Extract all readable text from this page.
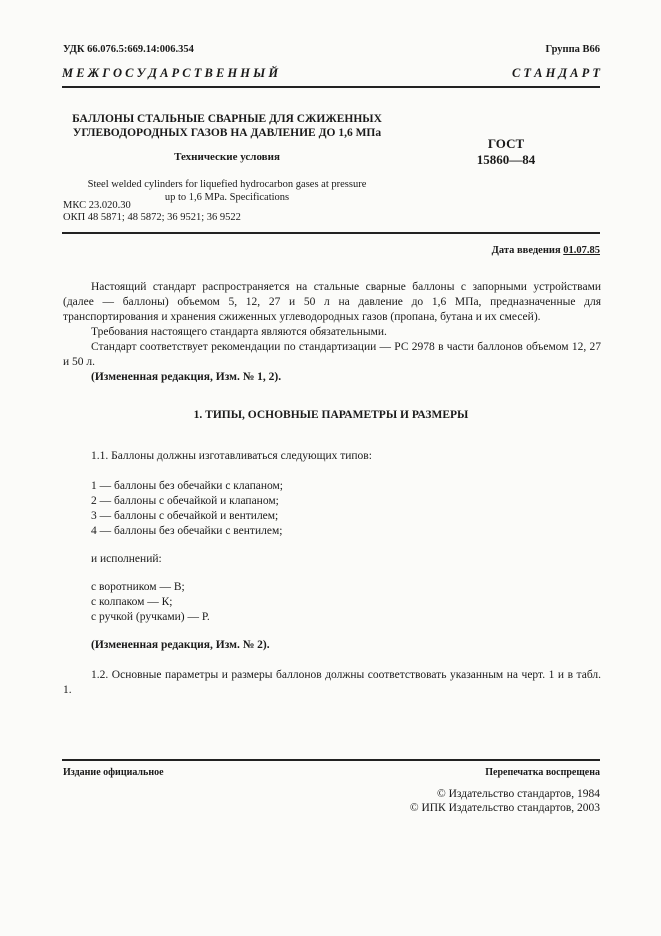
УДК 66.076.5:669.14:006.354	Группа В66
М Е Ж Г О С У Д А Р С Т В Е Н Н Ы Й	С Т А Н Д А Р Т
БАЛЛОНЫ СТАЛЬНЫЕ СВАРНЫЕ ДЛЯ СЖИЖЕННЫХ
УГЛЕВОДОРОДНЫХ ГАЗОВ НА ДАВЛЕНИЕ ДО 1,6 МПа
Технические условия
Steel welded cylinders for liquefied hydrocarbon gases at pressure
up to 1,6 MPa. Specifications
ГОСТ
15860—84
МКС 23.020.30
ОКП 48 5871; 48 5872; 36 9521; 36 9522
Дата введения 01.07.85
Настоящий стандарт распространяется на стальные сварные баллоны с запорными устройствами (далее — баллоны) объемом 5, 12, 27 и 50 л на давление до 1,6 МПа, предназначенные для транспортирования и хранения сжиженных углеводородных газов (пропана, бутана и их смесей).
Требования настоящего стандарта являются обязательными.
Стандарт соответствует рекомендации по стандартизации — РС 2978 в части баллонов объемом 12, 27 и 50 л.
(Измененная редакция, Изм. № 1, 2).
1. ТИПЫ, ОСНОВНЫЕ ПАРАМЕТРЫ И РАЗМЕРЫ
1.1. Баллоны должны изготавливаться следующих типов:
1 — баллоны без обечайки с клапаном;
2 — баллоны с обечайкой и клапаном;
3 — баллоны с обечайкой и вентилем;
4 — баллоны без обечайки с вентилем;
и исполнений:
с воротником — В;
с колпаком — К;
с ручкой (ручками) — Р.
(Измененная редакция, Изм. № 2).
1.2. Основные параметры и размеры баллонов должны соответствовать указанным на черт. 1 и в табл. 1.
Издание официальное	Перепечатка воспрещена
© Издательство стандартов, 1984
© ИПК Издательство стандартов, 2003
